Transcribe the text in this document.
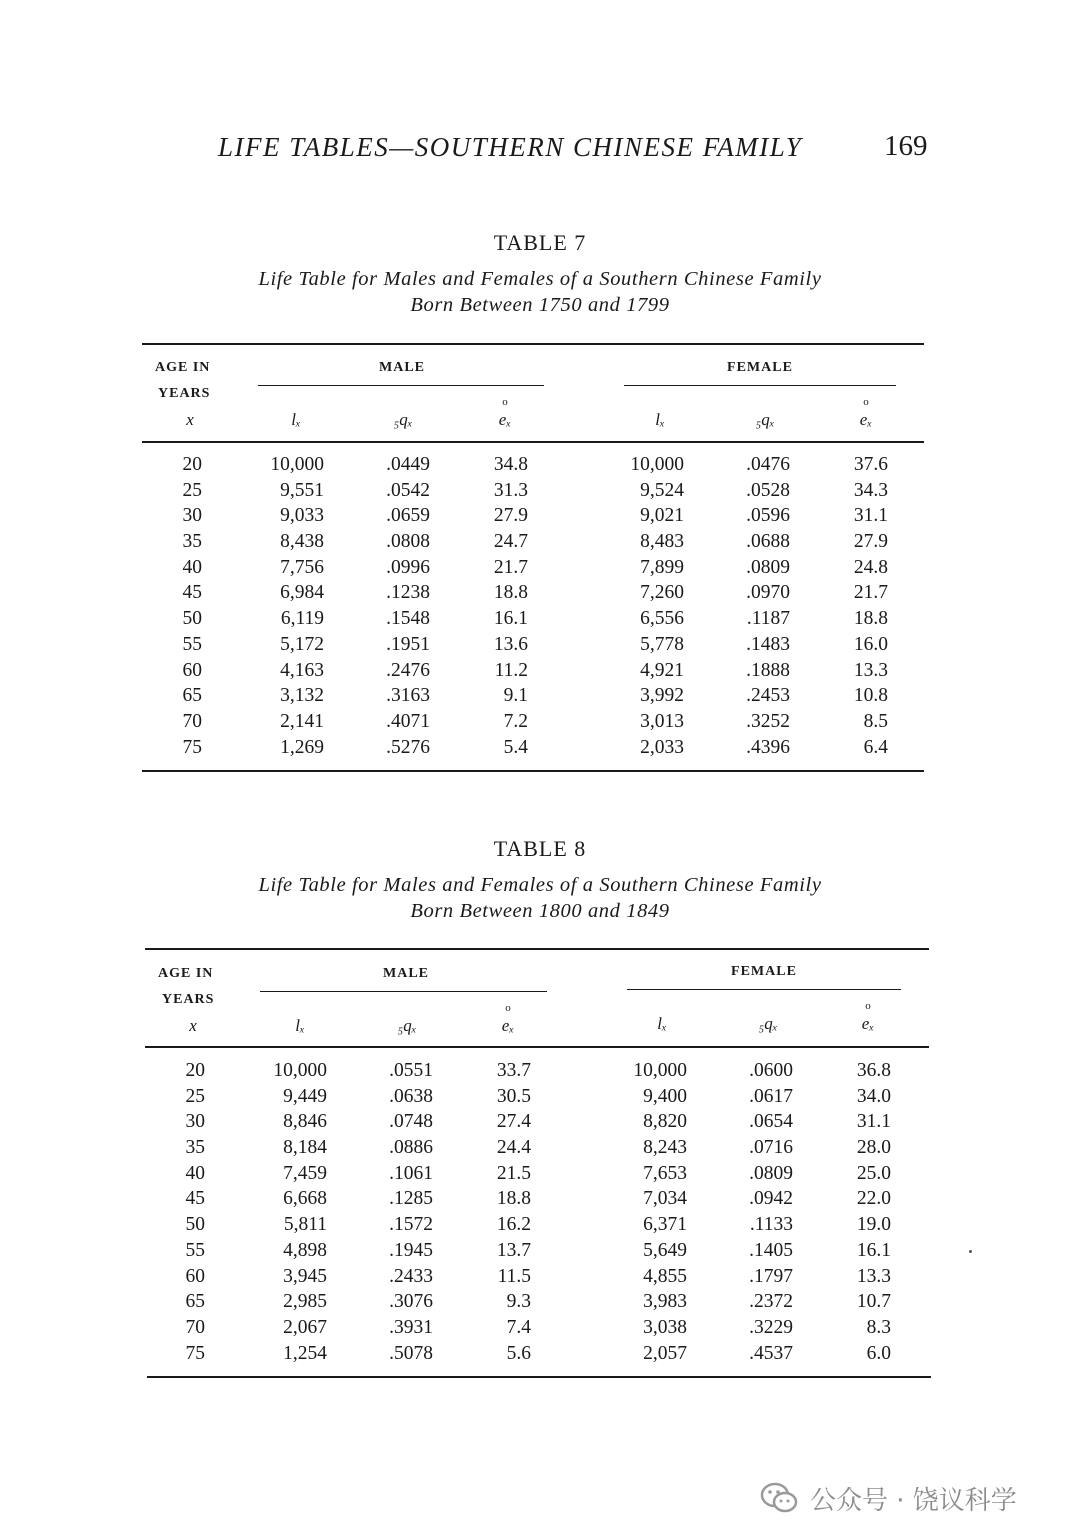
LIFE TABLES—SOUTHERN CHINESE FAMILY	169
TABLE 7
Life Table for Males and Females of a Southern Chinese Family
Born Between 1750 and 1799
AGE IN
YEARS
x
MALE	FEMALE
lₓ	₅qₓ
o
eₓ	lₓ	₅qₓ
o
eₓ
20	10,000	.0449	34.8	10,000	.0476	37.6
25	9,551	.0542	31.3	9,524	.0528	34.3
30	9,033	.0659	27.9	9,021	.0596	31.1
35	8,438	.0808	24.7	8,483	.0688	27.9
40	7,756	.0996	21.7	7,899	.0809	24.8
45	6,984	.1238	18.8	7,260	.0970	21.7
50	6,119	.1548	16.1	6,556	.1187	18.8
55	5,172	.1951	13.6	5,778	.1483	16.0
60	4,163	.2476	11.2	4,921	.1888	13.3
65	3,132	.3163	9.1	3,992	.2453	10.8
70	2,141	.4071	7.2	3,013	.3252	8.5
75	1,269	.5276	5.4	2,033	.4396	6.4
TABLE 8
Life Table for Males and Females of a Southern Chinese Family
Born Between 1800 and 1849
AGE IN
YEARS
x
MALE	FEMALE
lₓ	₅qₓ
o
eₓ	lₓ	₅qₓ
o
eₓ
20	10,000	.0551	33.7	10,000	.0600	36.8
25	9,449	.0638	30.5	9,400	.0617	34.0
30	8,846	.0748	27.4	8,820	.0654	31.1
35	8,184	.0886	24.4	8,243	.0716	28.0
40	7,459	.1061	21.5	7,653	.0809	25.0
45	6,668	.1285	18.8	7,034	.0942	22.0
50	5,811	.1572	16.2	6,371	.1133	19.0
55	4,898	.1945	13.7	5,649	.1405	16.1
60	3,945	.2433	11.5	4,855	.1797	13.3
65	2,985	.3076	9.3	3,983	.2372	10.7
70	2,067	.3931	7.4	3,038	.3229	8.3
75	1,254	.5078	5.6	2,057	.4537	6.0
公众号 · 饶议科学
